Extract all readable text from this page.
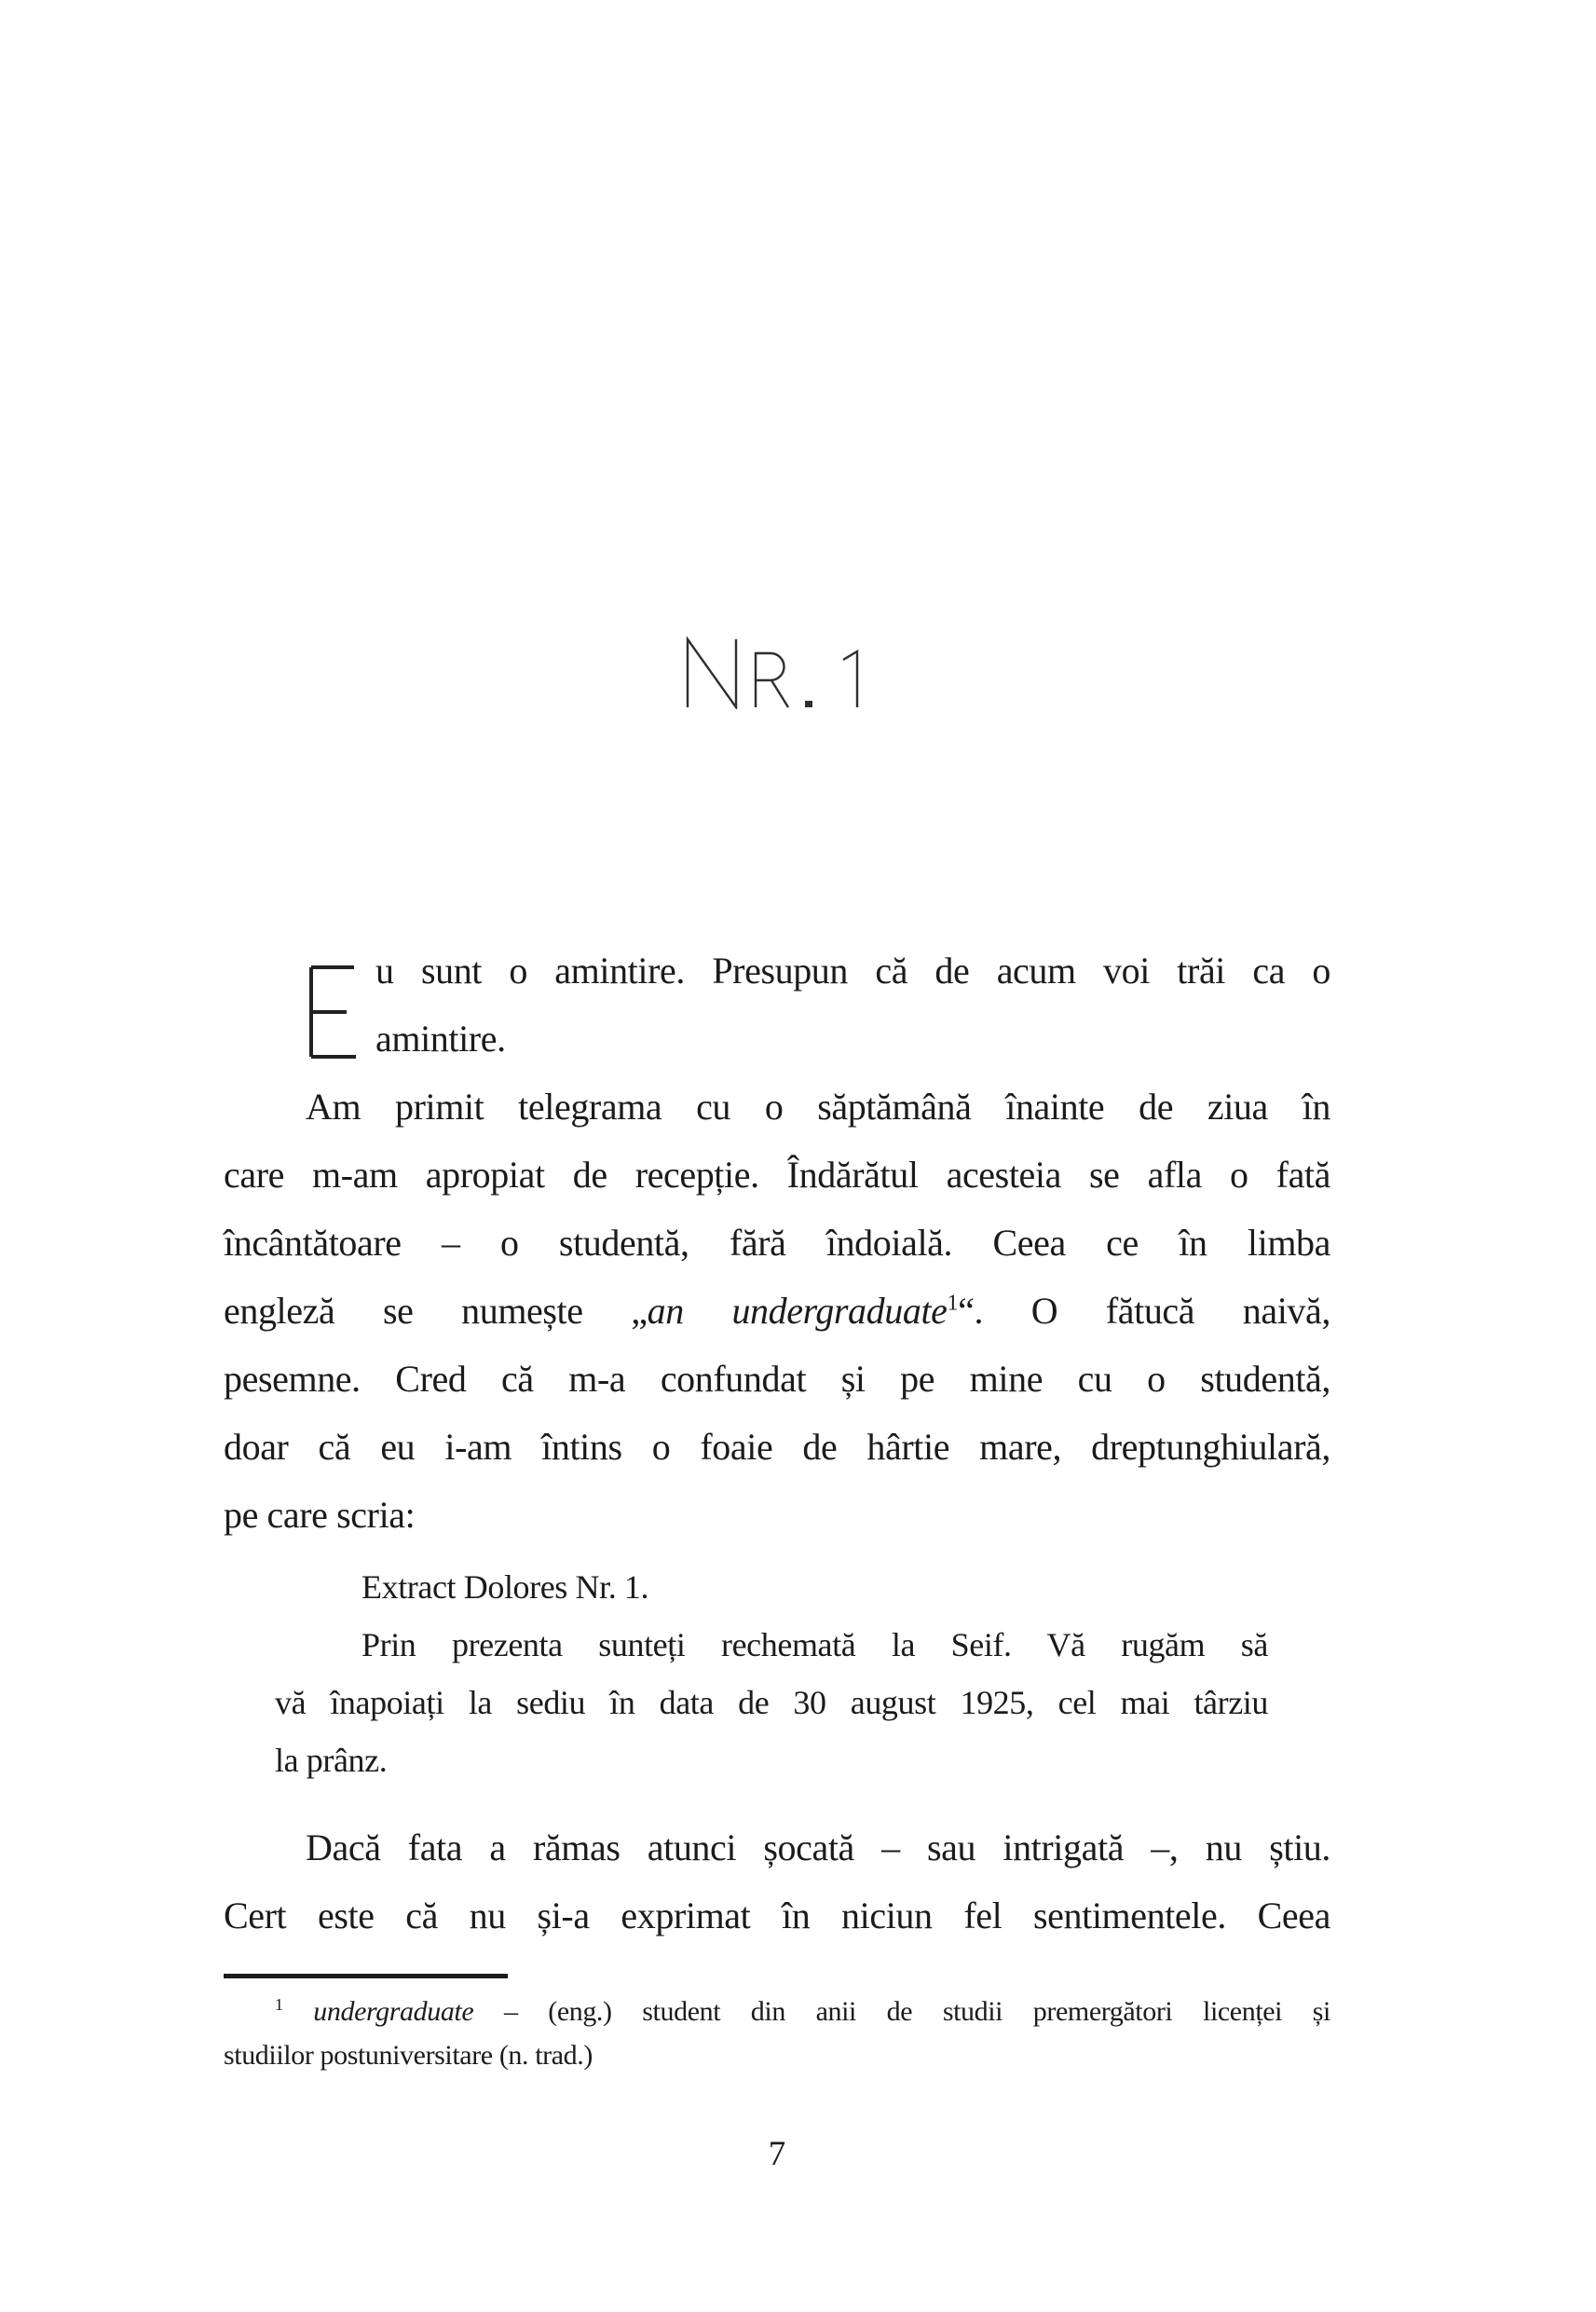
u sunt o amintire. Presupun că de acum voi trăi ca o
amintire.
Am primit telegrama cu o săptămână înainte de ziua în
care m-am apropiat de recepție. Îndărătul acesteia se afla o fată
încântătoare – o studentă, fără îndoială. Ceea ce în limba
engleză se numește „an undergraduate$^1$“. O fătucă naivă,
pesemne. Cred că m-a confundat și pe mine cu o studentă,
doar că eu i-am întins o foaie de hârtie mare, dreptunghiulară,
pe care scria:
Extract Dolores Nr. 1.
Prin prezenta sunteți rechemată la Seif. Vă rugăm să
vă înapoiați la sediu în data de 30 august 1925, cel mai târziu
la prânz.
Dacă fata a rămas atunci șocată – sau intrigată –, nu știu.
Cert este că nu și-a exprimat în niciun fel sentimentele. Ceea
$^1$ undergraduate – (eng.) student din anii de studii premergători licenței și
studiilor postuniversitare (n. trad.)
7
